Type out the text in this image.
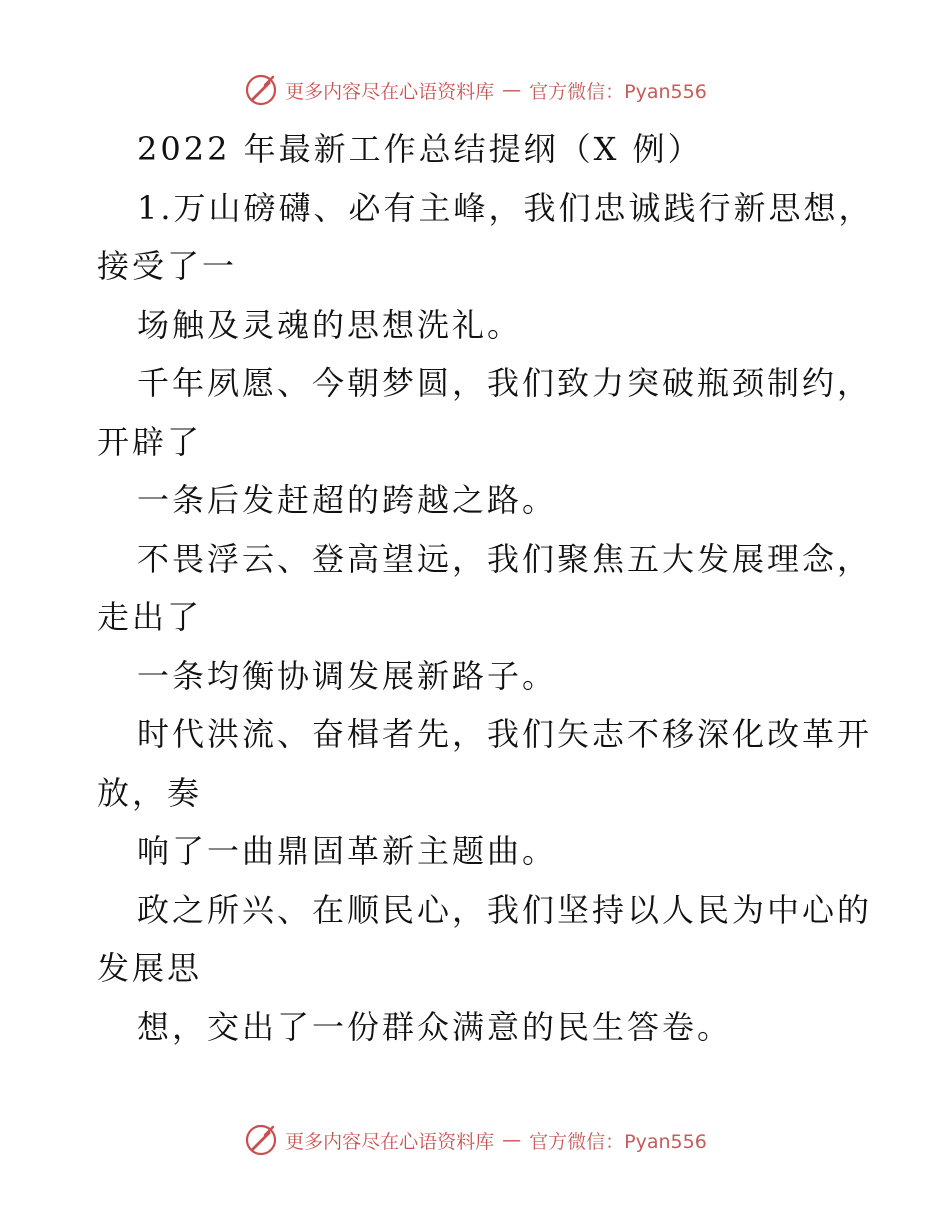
更多内容尽在心语资料库 — 官方微信：Pyan556
2022 年最新工作总结提纲（X 例）
1.万山磅礴、必有主峰，我们忠诚践行新思想，
接受了一
场触及灵魂的思想洗礼。
千年夙愿、今朝梦圆，我们致力突破瓶颈制约，
开辟了
一条后发赶超的跨越之路。
不畏浮云、登高望远，我们聚焦五大发展理念，
走出了
一条均衡协调发展新路子。
时代洪流、奋楫者先，我们矢志不移深化改革开
放，奏
响了一曲鼎固革新主题曲。
政之所兴、在顺民心，我们坚持以人民为中心的
发展思
想，交出了一份群众满意的民生答卷。
更多内容尽在心语资料库 — 官方微信：Pyan556
